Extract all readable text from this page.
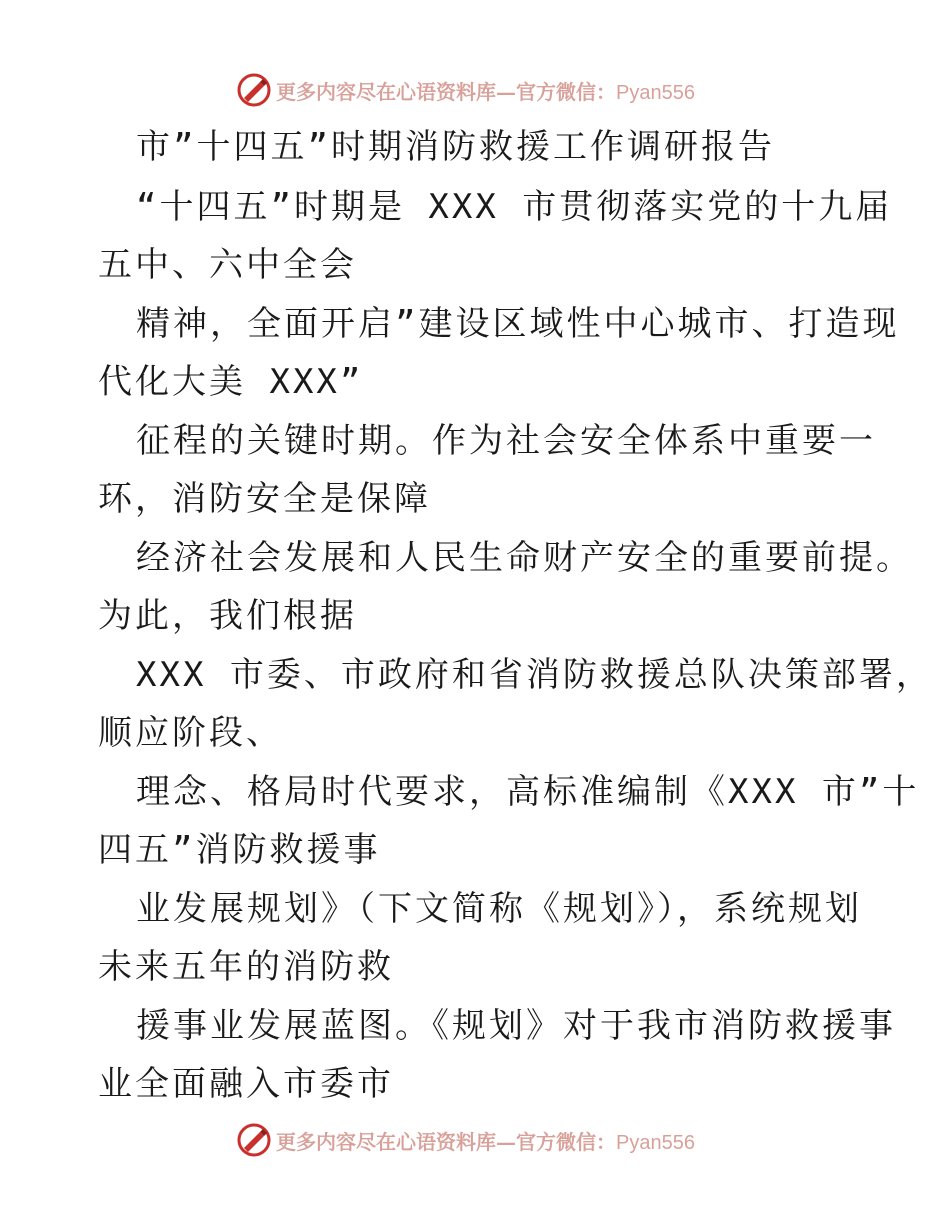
更多内容尽在心语资料库—官方微信：Pyan556
市”十四五”时期消防救援工作调研报告
“十四五”时期是 XXX 市贯彻落实党的十九届
五中、六中全会
精神，全面开启”建设区域性中心城市、打造现
代化大美 XXX”
征程的关键时期。作为社会安全体系中重要一
环，消防安全是保障
经济社会发展和人民生命财产安全的重要前提。
为此，我们根据
XXX 市委、市政府和省消防救援总队决策部署，
顺应阶段、
理念、格局时代要求，高标准编制《XXX 市”十
四五”消防救援事
业发展规划》（下文简称《规划》），系统规划
未来五年的消防救
援事业发展蓝图。《规划》对于我市消防救援事
业全面融入市委市
更多内容尽在心语资料库—官方微信：Pyan556
